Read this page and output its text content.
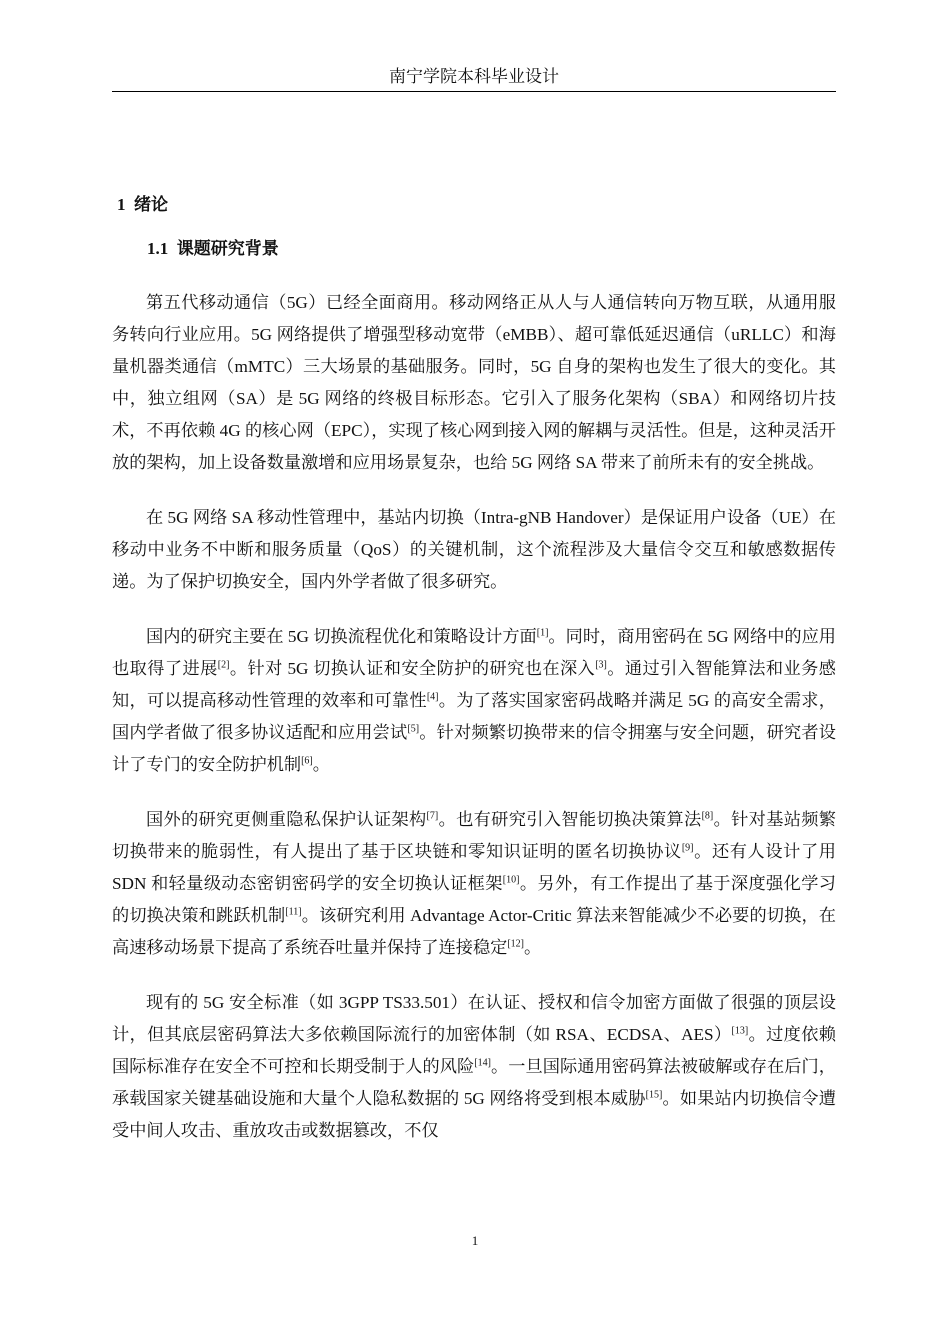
南宁学院本科毕业设计
1 绪论
1.1 课题研究背景

第五代移动通信（5G）已经全面商用。移动网络正从人与人通信转向万物互联，从通用服务转向行业应用。5G 网络提供了增强型移动宽带（eMBB）、超可靠低延迟通信（uRLLC）和海量机器类通信（mMTC）三大场景的基础服务。同时，5G 自身的架构也发生了很大的变化。其中，独立组网（SA）是 5G 网络的终极目标形态。它引入了服务化架构（SBA）和网络切片技术，不再依赖 4G 的核心网（EPC），实现了核心网到接入网的解耦与灵活性。但是，这种灵活开放的架构，加上设备数量激增和应用场景复杂，也给 5G 网络 SA 带来了前所未有的安全挑战。

在 5G 网络 SA 移动性管理中，基站内切换（Intra-gNB Handover）是保证用户设备（UE）在移动中业务不中断和服务质量（QoS）的关键机制，这个流程涉及大量信令交互和敏感数据传递。为了保护切换安全，国内外学者做了很多研究。

国内的研究主要在 5G 切换流程优化和策略设计方面[1]。同时，商用密码在 5G 网络中的应用也取得了进展[2]。针对 5G 切换认证和安全防护的研究也在深入[3]。通过引入智能算法和业务感知，可以提高移动性管理的效率和可靠性[4]。为了落实国家密码战略并满足 5G 的高安全需求，国内学者做了很多协议适配和应用尝试[5]。针对频繁切换带来的信令拥塞与安全问题，研究者设计了专门的安全防护机制[6]。

国外的研究更侧重隐私保护认证架构[7]。也有研究引入智能切换决策算法[8]。针对基站频繁切换带来的脆弱性，有人提出了基于区块链和零知识证明的匿名切换协议[9]。还有人设计了用 SDN 和轻量级动态密钥密码学的安全切换认证框架[10]。另外，有工作提出了基于深度强化学习的切换决策和跳跃机制[11]。该研究利用 Advantage Actor-Critic 算法来智能减少不必要的切换，在高速移动场景下提高了系统吞吐量并保持了连接稳定[12]。

现有的 5G 安全标准（如 3GPP TS33.501）在认证、授权和信令加密方面做了很强的顶层设计，但其底层密码算法大多依赖国际流行的加密体制（如 RSA、ECDSA、AES）[13]。过度依赖国际标准存在安全不可控和长期受制于人的风险[14]。一旦国际通用密码算法被破解或存在后门，承载国家关键基础设施和大量个人隐私数据的 5G 网络将受到根本威胁[15]。如果站内切换信令遭受中间人攻击、重放攻击或数据篡改，不仅

1
